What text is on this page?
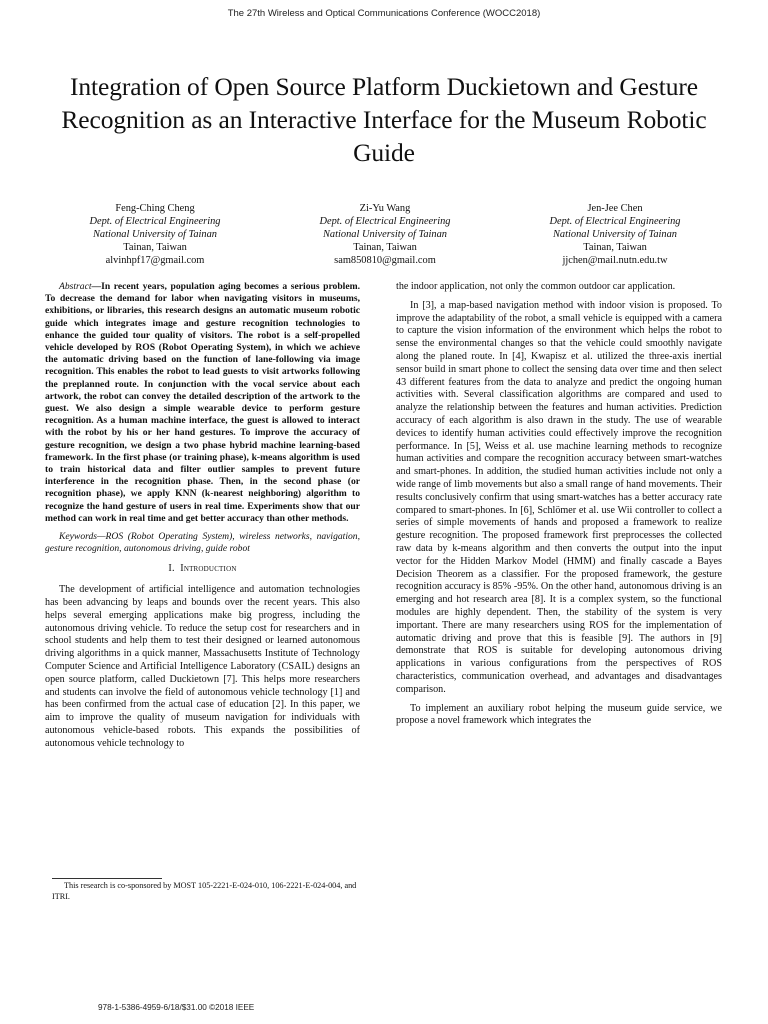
The 27th Wireless and Optical Communications Conference (WOCC2018)
Integration of Open Source Platform Duckietown and Gesture Recognition as an Interactive Interface for the Museum Robotic Guide
Feng-Ching Cheng
Dept. of Electrical Engineering
National University of Tainan
Tainan, Taiwan
alvinhpf17@gmail.com
Zi-Yu Wang
Dept. of Electrical Engineering
National University of Tainan
Tainan, Taiwan
sam850810@gmail.com
Jen-Jee Chen
Dept. of Electrical Engineering
National University of Tainan
Tainan, Taiwan
jjchen@mail.nutn.edu.tw

Abstract—In recent years, population aging becomes a serious problem. To decrease the demand for labor when navigating visitors in museums, exhibitions, or libraries, this research designs an automatic museum robotic guide which integrates image and gesture recognition technologies to enhance the guided tour quality of visitors. The robot is a self-propelled vehicle developed by ROS (Robot Operating System), in which we achieve the automatic driving based on the function of lane-following via image recognition. This enables the robot to lead guests to visit artworks following the preplanned route. In conjunction with the vocal service about each artwork, the robot can convey the detailed description of the artwork to the guest. We also design a simple wearable device to perform gesture recognition. As a human machine interface, the guest is allowed to interact with the robot by his or her hand gestures. To improve the accuracy of gesture recognition, we design a two phase hybrid machine learning-based framework. In the first phase (or training phase), k-means algorithm is used to train historical data and filter outlier samples to prevent future interference in the recognition phase. Then, in the second phase (or recognition phase), we apply KNN (k-nearest neighboring) algorithm to recognize the hand gesture of users in real time. Experiments show that our method can work in real time and get better accuracy than other methods.

Keywords—ROS (Robot Operating System), wireless networks, navigation, gesture recognition, autonomous driving, guide robot

I. Introduction

The development of artificial intelligence and automation technologies has been advancing by leaps and bounds over the recent years. This also helps several emerging applications make big progress, including the autonomous driving vehicle. To reduce the setup cost for researchers and in school students and help them to test their designed or learned autonomous driving algorithms in a quick manner, Massachusetts Institute of Technology Computer Science and Artificial Intelligence Laboratory (CSAIL) designs an open source platform, called Duckietown [7]. This helps more researchers and students can involve the field of autonomous vehicle technology [1] and has been confirmed from the actual case of education [2]. In this paper, we aim to improve the quality of museum navigation for individuals with autonomous vehicle-based robots. This expands the possibilities of autonomous vehicle technology to

the indoor application, not only the common outdoor car application.

In [3], a map-based navigation method with indoor vision is proposed. To improve the adaptability of the robot, a small vehicle is equipped with a camera to capture the vision information of the environment which helps the robot to sense the environmental changes so that the vehicle could smoothly navigate along the planed route. In [4], Kwapisz et al. utilized the three-axis inertial sensor build in smart phone to collect the sensing data over time and then select 43 different features from the data to analyze and predict the ongoing human activities with. Several classification algorithms are compared and used to analyze the relationship between the features and human activities. Prediction accuracy of each algorithm is also drawn in the study. The use of wearable devices to identify human activities could effectively improve the recognition performance. In [5], Weiss et al. use machine learning methods to recognize human activities and compare the recognition accuracy between smart-watches and smart-phones. In addition, the studied human activities include not only a wide range of limb movements but also a small range of hand movements. Their results conclusively confirm that using smart-watches has a better accuracy rate compared to smart-phones. In [6], Schlömer et al. use Wii controller to collect a series of simple movements of hands and proposed a framework to realize gesture recognition. The proposed framework first preprocesses the collected raw data by k-means algorithm and then converts the output into the input vector for the Hidden Markov Model (HMM) and finally cascade a Bayes Decision Theorem as a classifier. For the proposed framework, the gesture recognition accuracy is 85% -95%. On the other hand, autonomous driving is an emerging and hot research area [8]. It is a complex system, so the functional modules are highly dependent. Then, the stability of the system is very important. There are many researchers using ROS for the implementation of automatic driving and prove that this is feasible [9]. The authors in [9] demonstrate that ROS is suitable for developing autonomous driving applications in various configurations from the perspectives of ROS characteristics, communication overhead, and advantages and disadvantages comparison.

To implement an auxiliary robot helping the museum guide service, we propose a novel framework which integrates the

This research is co-sponsored by MOST 105-2221-E-024-010, 106-2221-E-024-004, and ITRI.
978-1-5386-4959-6/18/$31.00 ©2018 IEEE
